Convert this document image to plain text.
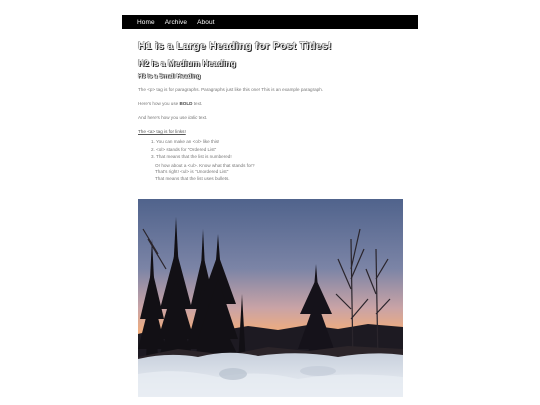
Home Archive About
H1 is a Large Heading for Post Titles!
H2 is a Medium Heading
H3 is a Small Heading

The <p> tag is for paragraphs. Paragraphs just like this one! This is an example paragraph.

Here's how you use BOLD text.

And here's how you use italic text.

The <a> tag is for links!

1. You can make an <ol> like this!
2. <ol> stands for "Ordered List"
3. That means that the list is numbered!
Or how about a <ul>. Know what that stands for?
That's right! <ul> is "Unordered List"
That means that the list uses bullets.
